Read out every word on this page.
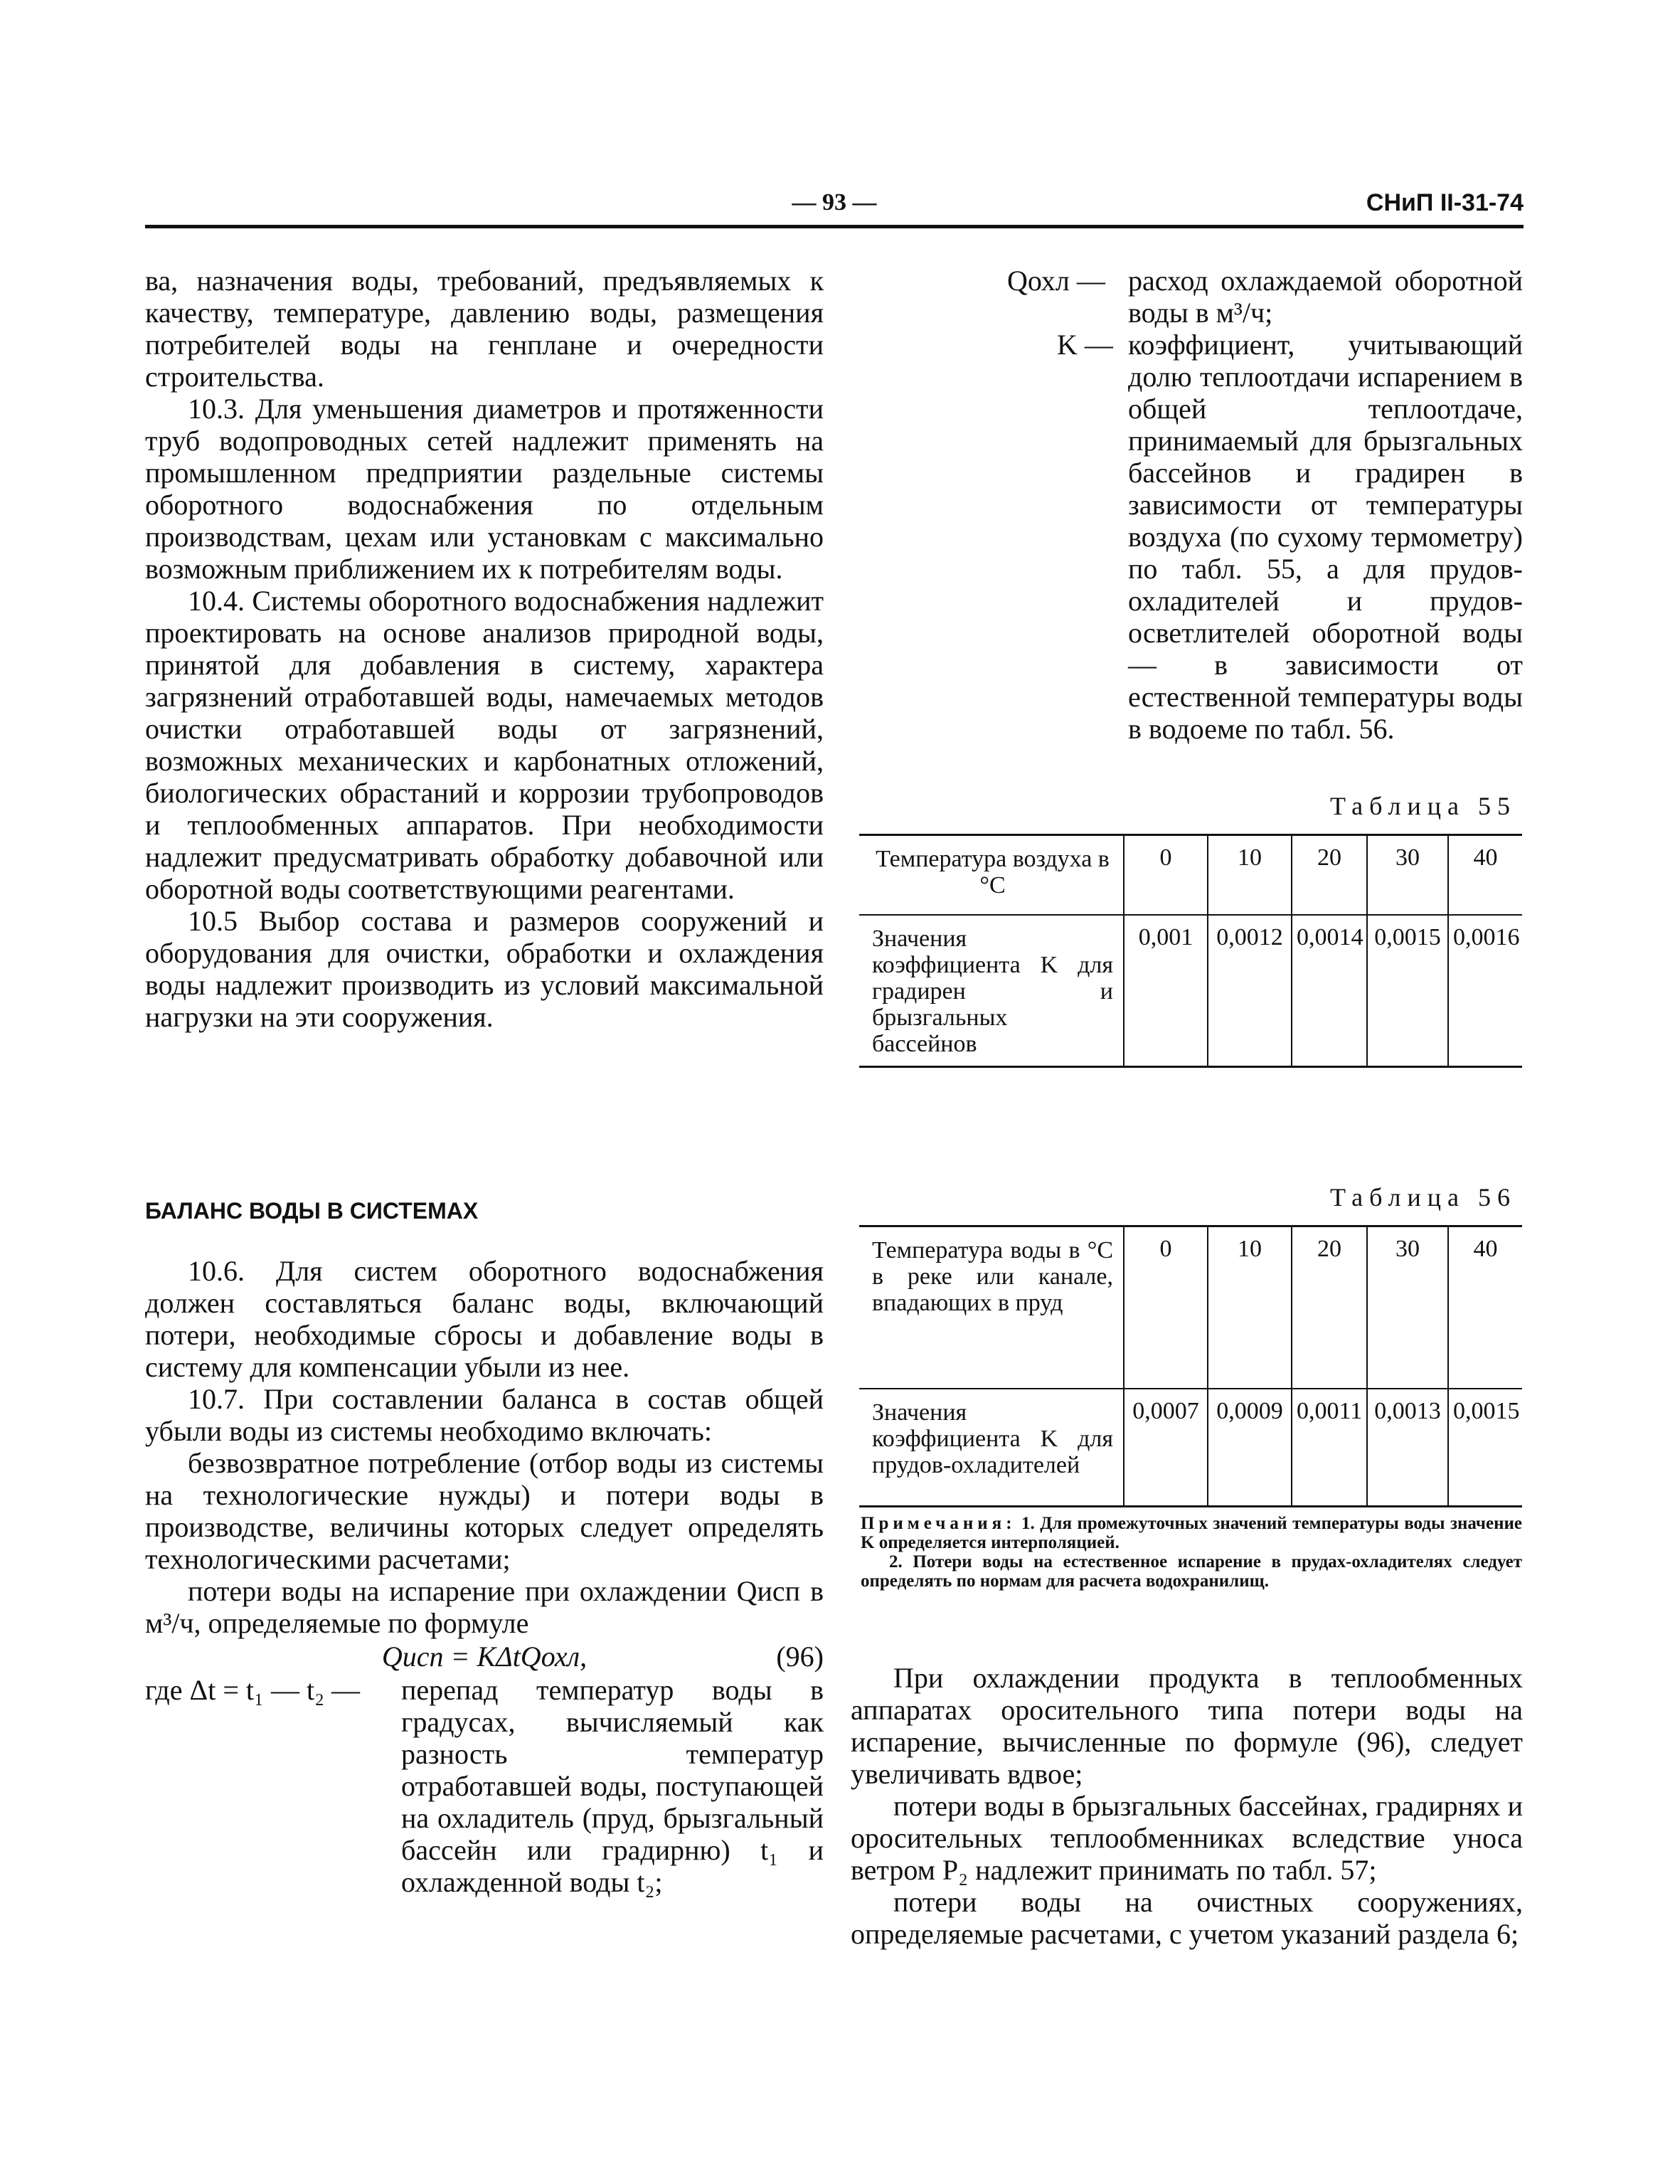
— 93 —	СНиП II-31-74

ва, назначения воды, требований, предъявляемых к качеству, температуре, давлению воды, размещения потребителей воды на генплане и очередности строительства.

10.3. Для уменьшения диаметров и протяженности труб водопроводных сетей надлежит применять на промышленном предприятии раздельные системы оборотного водоснабжения по отдельным производствам, цехам или установкам с максимально возможным приближением их к потребителям воды.

10.4. Системы оборотного водоснабжения надлежит проектировать на основе анализов природной воды, принятой для добавления в систему, характера загрязнений отработавшей воды, намечаемых методов очистки отработавшей воды от загрязнений, возможных механических и карбонатных отложений, биологических обрастаний и коррозии трубопроводов и теплообменных аппаратов. При необходимости надлежит предусматривать обработку добавочной или оборотной воды соответствующими реагентами.

10.5 Выбор состава и размеров сооружений и оборудования для очистки, обработки и охлаждения воды надлежит производить из условий максимальной нагрузки на эти сооружения.

БАЛАНС ВОДЫ В СИСТЕМАХ

10.6. Для систем оборотного водоснабжения должен составляться баланс воды, включающий потери, необходимые сбросы и добавление воды в систему для компенсации убыли из нее.

10.7. При составлении баланса в состав общей убыли воды из системы необходимо включать:

безвозвратное потребление (отбор воды из системы на технологические нужды) и потери воды в производстве, величины которых следует определять технологическими расчетами;

потери воды на испарение при охлаждении Qисп в м³/ч, определяемые по формуле

Qисп = KΔtQохл,	(96)
где Δt = t₁ — t₂ — перепад температур воды в градусах, вычисляемый как разность температур отработавшей воды, поступающей на охладитель (пруд, брызгальный бассейн или градирню) t₁ и охлажденной воды t₂;
Qохл — расход охлаждаемой оборотной воды в м³/ч;
K — коэффициент, учитывающий долю теплоотдачи испарением в общей теплоотдаче, принимаемый для брызгальных бассейнов и градирен в зависимости от температуры воздуха (по сухому термометру) по табл. 55, а для прудов-охладителей и прудов-осветлителей оборотной воды — в зависимости от естественной температуры воды в водоеме по табл. 56.
Таблица 55
Температура воздуха в °С	0	10	20	30	40
Значения коэффициента K для градирен и брызгальных бассейнов	0,001	0,0012	0,0014	0,0015	0,0016
Таблица 56
Температура воды в °С в реке или канале, впадающих в пруд	0	10	20	30	40
Значения коэффициента K для прудов-охладителей	0,0007	0,0009	0,0011	0,0013	0,0015

Примечания: 1. Для промежуточных значений температуры воды значение K определяется интерполяцией.

2. Потери воды на естественное испарение в прудах-охладителях следует определять по нормам для расчета водохранилищ.

При охлаждении продукта в теплообменных аппаратах оросительного типа потери воды на испарение, вычисленные по формуле (96), следует увеличивать вдвое;

потери воды в брызгальных бассейнах, градирнях и оросительных теплообменниках вследствие уноса ветром P₂ надлежит принимать по табл. 57;

потери воды на очистных сооружениях, определяемые расчетами, с учетом указаний раздела 6;
